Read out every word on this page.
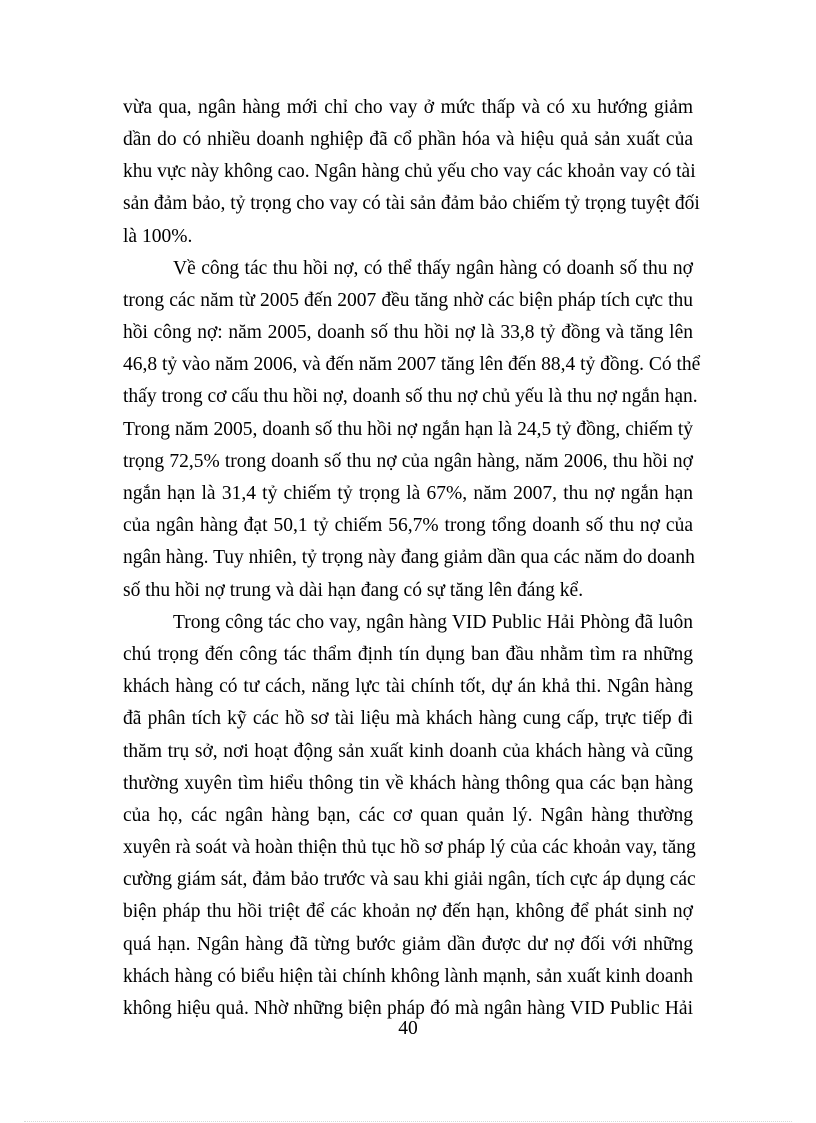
vừa qua, ngân hàng mới chỉ cho vay ở mức thấp và có xu hướng giảm
dần do có nhiều doanh nghiệp đã cổ phần hóa và hiệu quả sản xuất của
khu vực này không cao. Ngân hàng chủ yếu cho vay các khoản vay có tài
sản đảm bảo, tỷ trọng cho vay có tài sản đảm bảo chiếm tỷ trọng tuyệt đối
là 100%.
Về công tác thu hồi nợ, có thể thấy ngân hàng có doanh số thu nợ
trong các năm từ 2005 đến 2007 đều tăng nhờ các biện pháp tích cực thu
hồi công nợ: năm 2005, doanh số thu hồi nợ là 33,8 tỷ đồng và tăng lên
46,8 tỷ vào năm 2006, và đến năm 2007 tăng lên đến 88,4 tỷ đồng. Có thể
thấy trong cơ cấu thu hồi nợ, doanh số thu nợ chủ yếu là thu nợ ngắn hạn.
Trong năm 2005, doanh số thu hồi nợ ngắn hạn là 24,5 tỷ đồng, chiếm tỷ
trọng 72,5% trong doanh số thu nợ của ngân hàng, năm 2006, thu hồi nợ
ngắn hạn là 31,4 tỷ chiếm tỷ trọng là 67%, năm 2007, thu nợ ngắn hạn
của ngân hàng đạt 50,1 tỷ chiếm 56,7% trong tổng doanh số thu nợ của
ngân hàng. Tuy nhiên, tỷ trọng này đang giảm dần qua các năm do doanh
số thu hồi nợ trung và dài hạn đang có sự tăng lên đáng kể.
Trong công tác cho vay, ngân hàng VID Public Hải Phòng đã luôn
chú trọng đến công tác thẩm định tín dụng ban đầu nhằm tìm ra những
khách hàng có tư cách, năng lực tài chính tốt, dự án khả thi. Ngân hàng
đã phân tích kỹ các hồ sơ tài liệu mà khách hàng cung cấp, trực tiếp đi
thăm trụ sở, nơi hoạt động sản xuất kinh doanh của khách hàng và cũng
thường xuyên tìm hiểu thông tin về khách hàng thông qua các bạn hàng
của họ, các ngân hàng bạn, các cơ quan quản lý. Ngân hàng thường
xuyên rà soát và hoàn thiện thủ tục hồ sơ pháp lý của các khoản vay, tăng
cường giám sát, đảm bảo trước và sau khi giải ngân, tích cực áp dụng các
biện pháp thu hồi triệt để các khoản nợ đến hạn, không để phát sinh nợ
quá hạn. Ngân hàng đã từng bước giảm dần được dư nợ đối với những
khách hàng có biểu hiện tài chính không lành mạnh, sản xuất kinh doanh
không hiệu quả. Nhờ những biện pháp đó mà ngân hàng VID Public Hải
40
